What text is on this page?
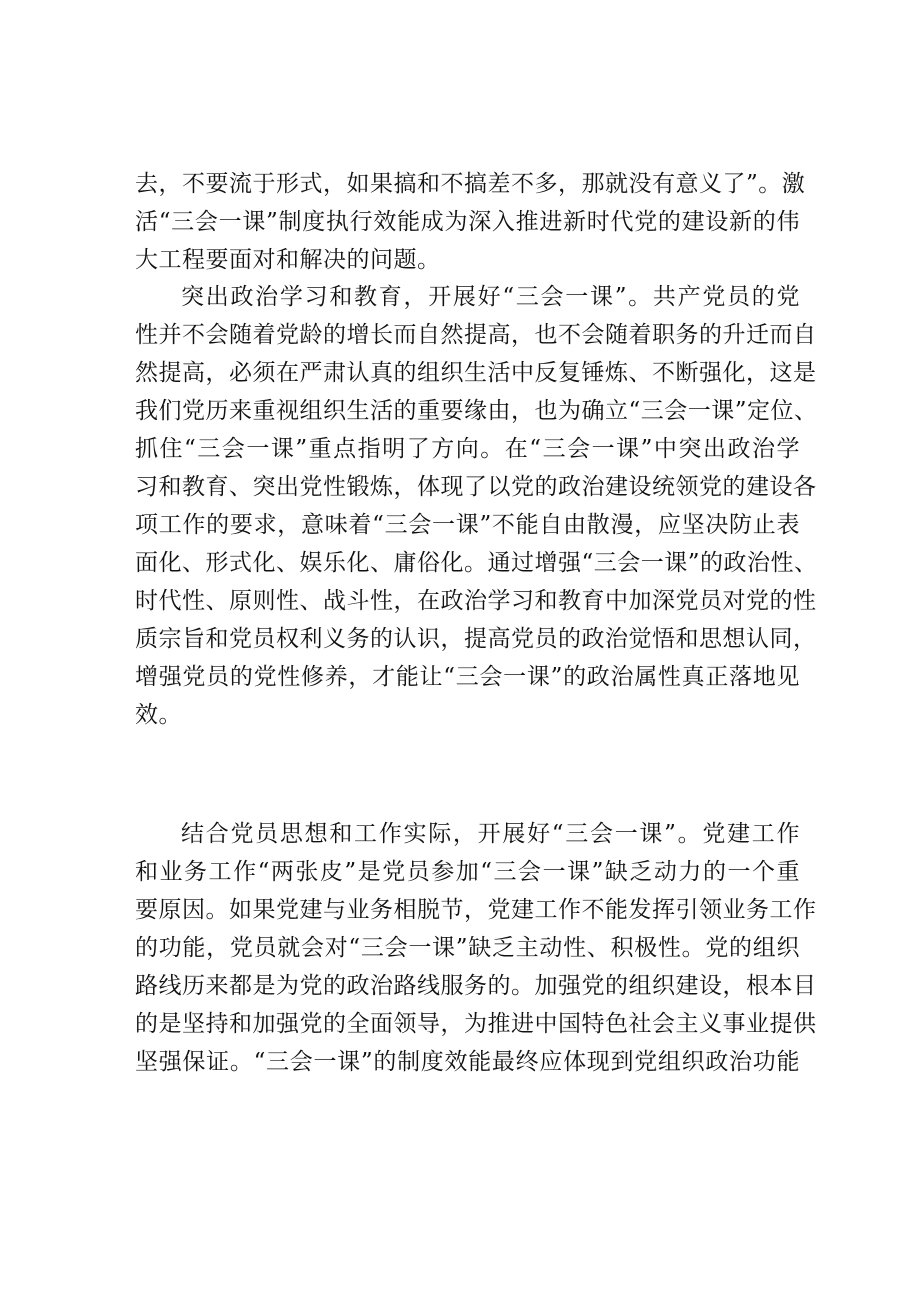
去，不要流于形式，如果搞和不搞差不多，那就没有意义了”。激
活“三会一课”制度执行效能成为深入推进新时代党的建设新的伟
大工程要面对和解决的问题。
突出政治学习和教育，开展好“三会一课”。共产党员的党
性并不会随着党龄的增长而自然提高，也不会随着职务的升迁而自
然提高，必须在严肃认真的组织生活中反复锤炼、不断强化，这是
我们党历来重视组织生活的重要缘由，也为确立“三会一课”定位、
抓住“三会一课”重点指明了方向。在“三会一课”中突出政治学
习和教育、突出党性锻炼，体现了以党的政治建设统领党的建设各
项工作的要求，意味着“三会一课”不能自由散漫，应坚决防止表
面化、形式化、娱乐化、庸俗化。通过增强“三会一课”的政治性、
时代性、原则性、战斗性，在政治学习和教育中加深党员对党的性
质宗旨和党员权利义务的认识，提高党员的政治觉悟和思想认同，
增强党员的党性修养，才能让“三会一课”的政治属性真正落地见
效。
结合党员思想和工作实际，开展好“三会一课”。党建工作
和业务工作“两张皮”是党员参加“三会一课”缺乏动力的一个重
要原因。如果党建与业务相脱节，党建工作不能发挥引领业务工作
的功能，党员就会对“三会一课”缺乏主动性、积极性。党的组织
路线历来都是为党的政治路线服务的。加强党的组织建设，根本目
的是坚持和加强党的全面领导，为推进中国特色社会主义事业提供
坚强保证。“三会一课”的制度效能最终应体现到党组织政治功能
